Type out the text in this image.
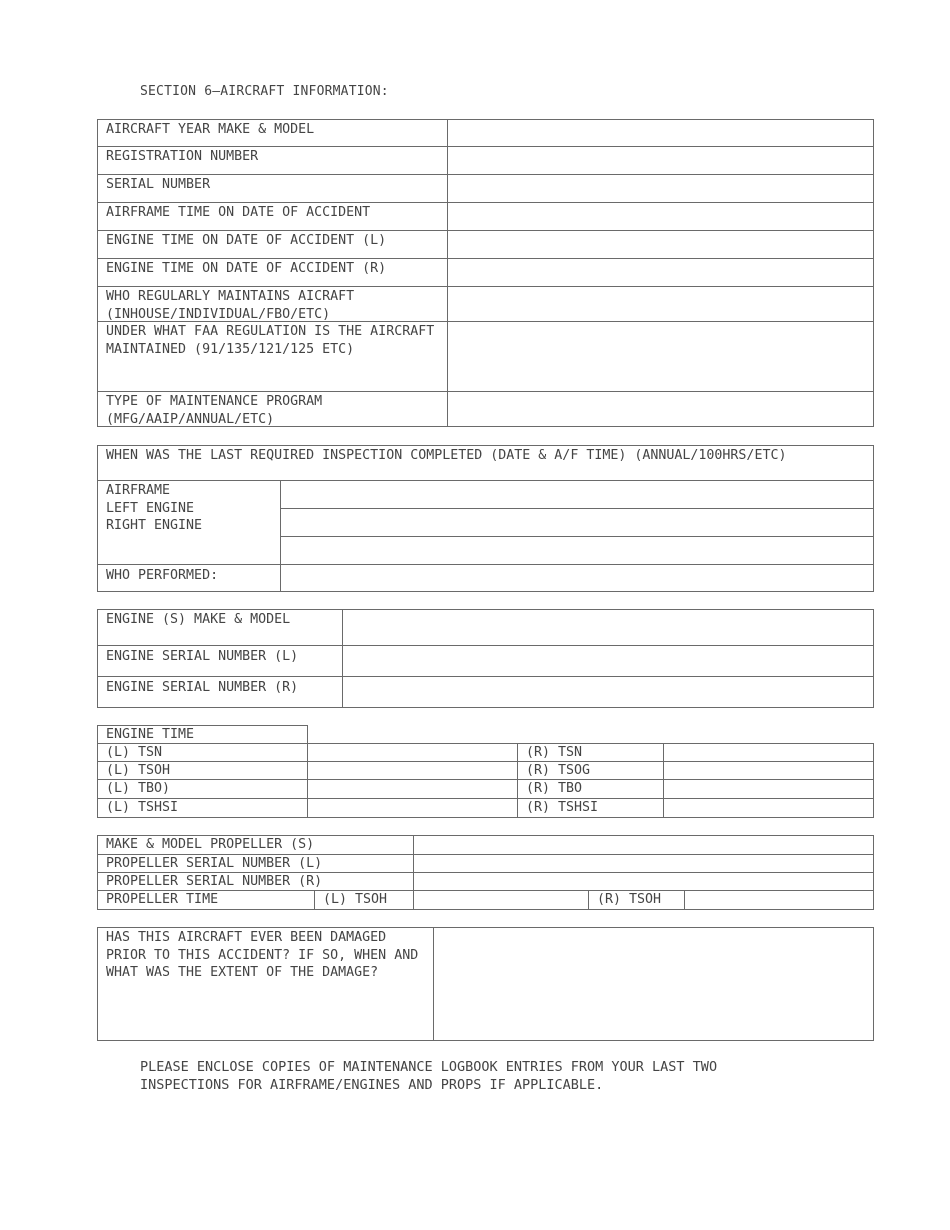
SECTION 6—AIRCRAFT INFORMATION:
AIRCRAFT YEAR MAKE & MODEL
REGISTRATION NUMBER
SERIAL NUMBER
AIRFRAME TIME ON DATE OF ACCIDENT
ENGINE TIME ON DATE OF ACCIDENT (L)
ENGINE TIME ON DATE OF ACCIDENT (R)
WHO REGULARLY MAINTAINS AICRAFT (INHOUSE/INDIVIDUAL/FBO/ETC)
UNDER WHAT FAA REGULATION IS THE AIRCRAFT MAINTAINED (91/135/121/125 ETC)
TYPE OF MAINTENANCE PROGRAM (MFG/AAIP/ANNUAL/ETC)
WHEN WAS THE LAST REQUIRED INSPECTION COMPLETED (DATE & A/F TIME) (ANNUAL/100HRS/ETC)
AIRFRAME
LEFT ENGINE
RIGHT ENGINE
WHO PERFORMED:
ENGINE (S) MAKE & MODEL
ENGINE SERIAL NUMBER (L)
ENGINE SERIAL NUMBER (R)
ENGINE TIME
(L) TSN	(R) TSN
(L) TSOH	(R) TSOG
(L) TBO)	(R) TBO
(L) TSHSI	(R) TSHSI
MAKE & MODEL PROPELLER (S)
PROPELLER SERIAL NUMBER (L)
PROPELLER SERIAL NUMBER (R)
PROPELLER TIME	(L) TSOH	(R) TSOH
HAS THIS AIRCRAFT EVER BEEN DAMAGED PRIOR TO THIS ACCIDENT? IF SO, WHEN AND WHAT WAS THE EXTENT OF THE DAMAGE?
PLEASE ENCLOSE COPIES OF MAINTENANCE LOGBOOK ENTRIES FROM YOUR LAST TWO
INSPECTIONS FOR AIRFRAME/ENGINES AND PROPS IF APPLICABLE.
